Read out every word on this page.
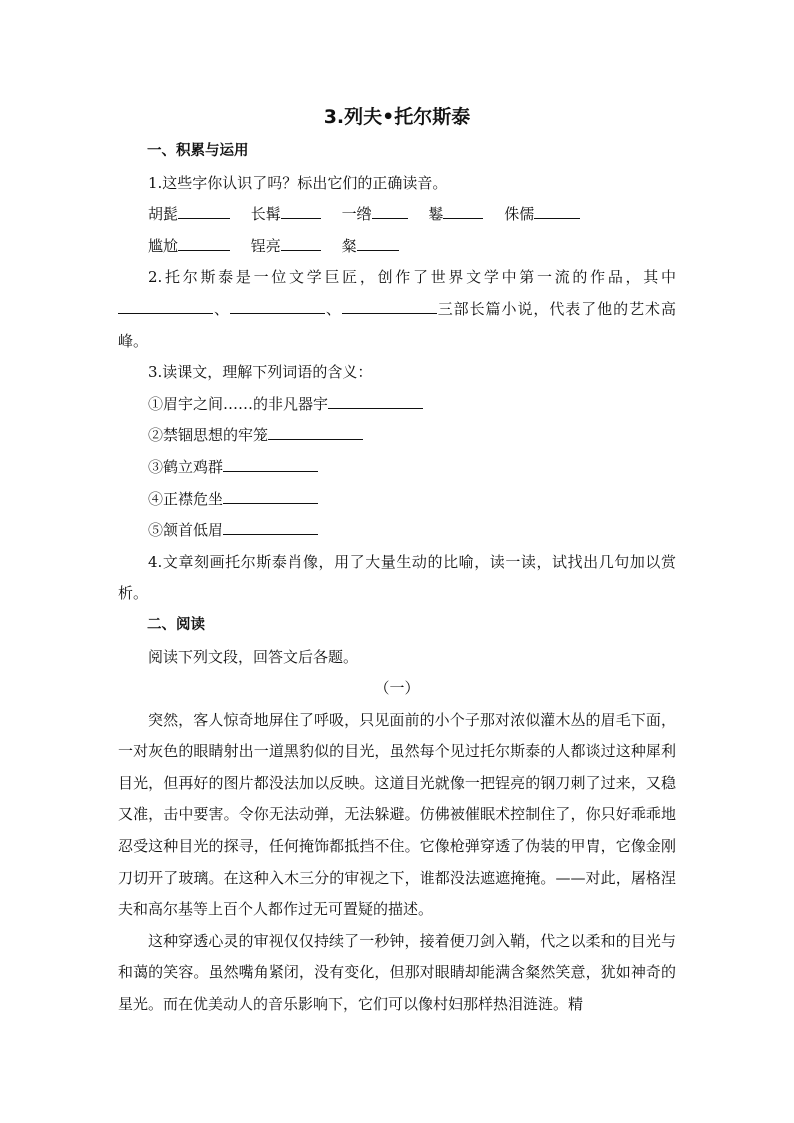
3.列夫•托尔斯泰
一、积累与运用
1.这些字你认识了吗？标出它们的正确读音。
胡髭	长髯	一绺	鬈	侏儒
尴尬	锃亮	粲
2.托尔斯泰是一位文学巨匠，创作了世界文学中第一流的作品，其中、	、	三部长篇小说，代表了他的艺术高峰。
3.读课文，理解下列词语的含义：
①眉宇之间……的非凡器宇
②禁锢思想的牢笼
③鹤立鸡群
④正襟危坐
⑤颔首低眉
4.文章刻画托尔斯泰肖像，用了大量生动的比喻，读一读，试找出几句加以赏析。
二、阅读
阅读下列文段，回答文后各题。
（一）
突然，客人惊奇地屏住了呼吸，只见面前的小个子那对浓似灌木丛的眉毛下面，一对灰色的眼睛射出一道黑豹似的目光，虽然每个见过托尔斯泰的人都谈过这种犀利目光，但再好的图片都没法加以反映。这道目光就像一把锃亮的钢刀刺了过来，又稳又准，击中要害。令你无法动弹，无法躲避。仿佛被催眠术控制住了，你只好乖乖地忍受这种目光的探寻，任何掩饰都抵挡不住。它像枪弹穿透了伪装的甲胄，它像金刚刀切开了玻璃。在这种入木三分的审视之下，谁都没法遮遮掩掩。——对此，屠格涅夫和高尔基等上百个人都作过无可置疑的描述。
这种穿透心灵的审视仅仅持续了一秒钟，接着便刀剑入鞘，代之以柔和的目光与和蔼的笑容。虽然嘴角紧闭，没有变化，但那对眼睛却能满含粲然笑意，犹如神奇的星光。而在优美动人的音乐影响下，它们可以像村妇那样热泪涟涟。精
